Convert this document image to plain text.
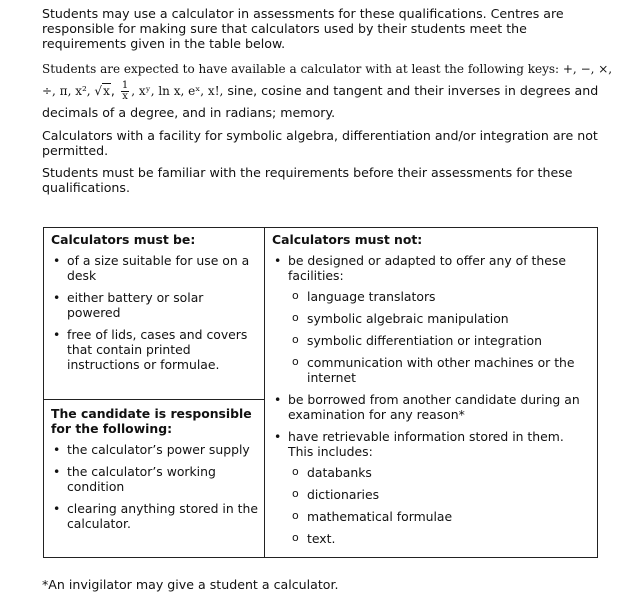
Students may use a calculator in assessments for these qualifications. Centres are responsible for making sure that calculators used by their students meet the requirements given in the table below.

Students are expected to have available a calculator with at least the following keys: +, −, ×, ÷, π, x², √x, $\frac{1}{x}$ , xʸ, ln x, eˣ, x!, sine, cosine and tangent and their inverses in degrees and decimals of a degree, and in radians; memory.

Calculators with a facility for symbolic algebra, differentiation and/or integration are not permitted.

Students must be familiar with the requirements before their assessments for these qualifications.

Calculators must be:
• of a size suitable for use on a desk
• either battery or solar powered
• free of lids, cases and covers that contain printed instructions or formulae.

Calculators must not:
• be designed or adapted to offer any of these facilities:
o language translators
o symbolic algebraic manipulation
o symbolic differentiation or integration
o communication with other machines or the internet
• be borrowed from another candidate during an examination for any reason*
• have retrievable information stored in them. This includes:
o databanks
o dictionaries
o mathematical formulae
o text.

The candidate is responsible for the following:
• the calculator’s power supply
• the calculator’s working condition
• clearing anything stored in the calculator.
*An invigilator may give a student a calculator.
